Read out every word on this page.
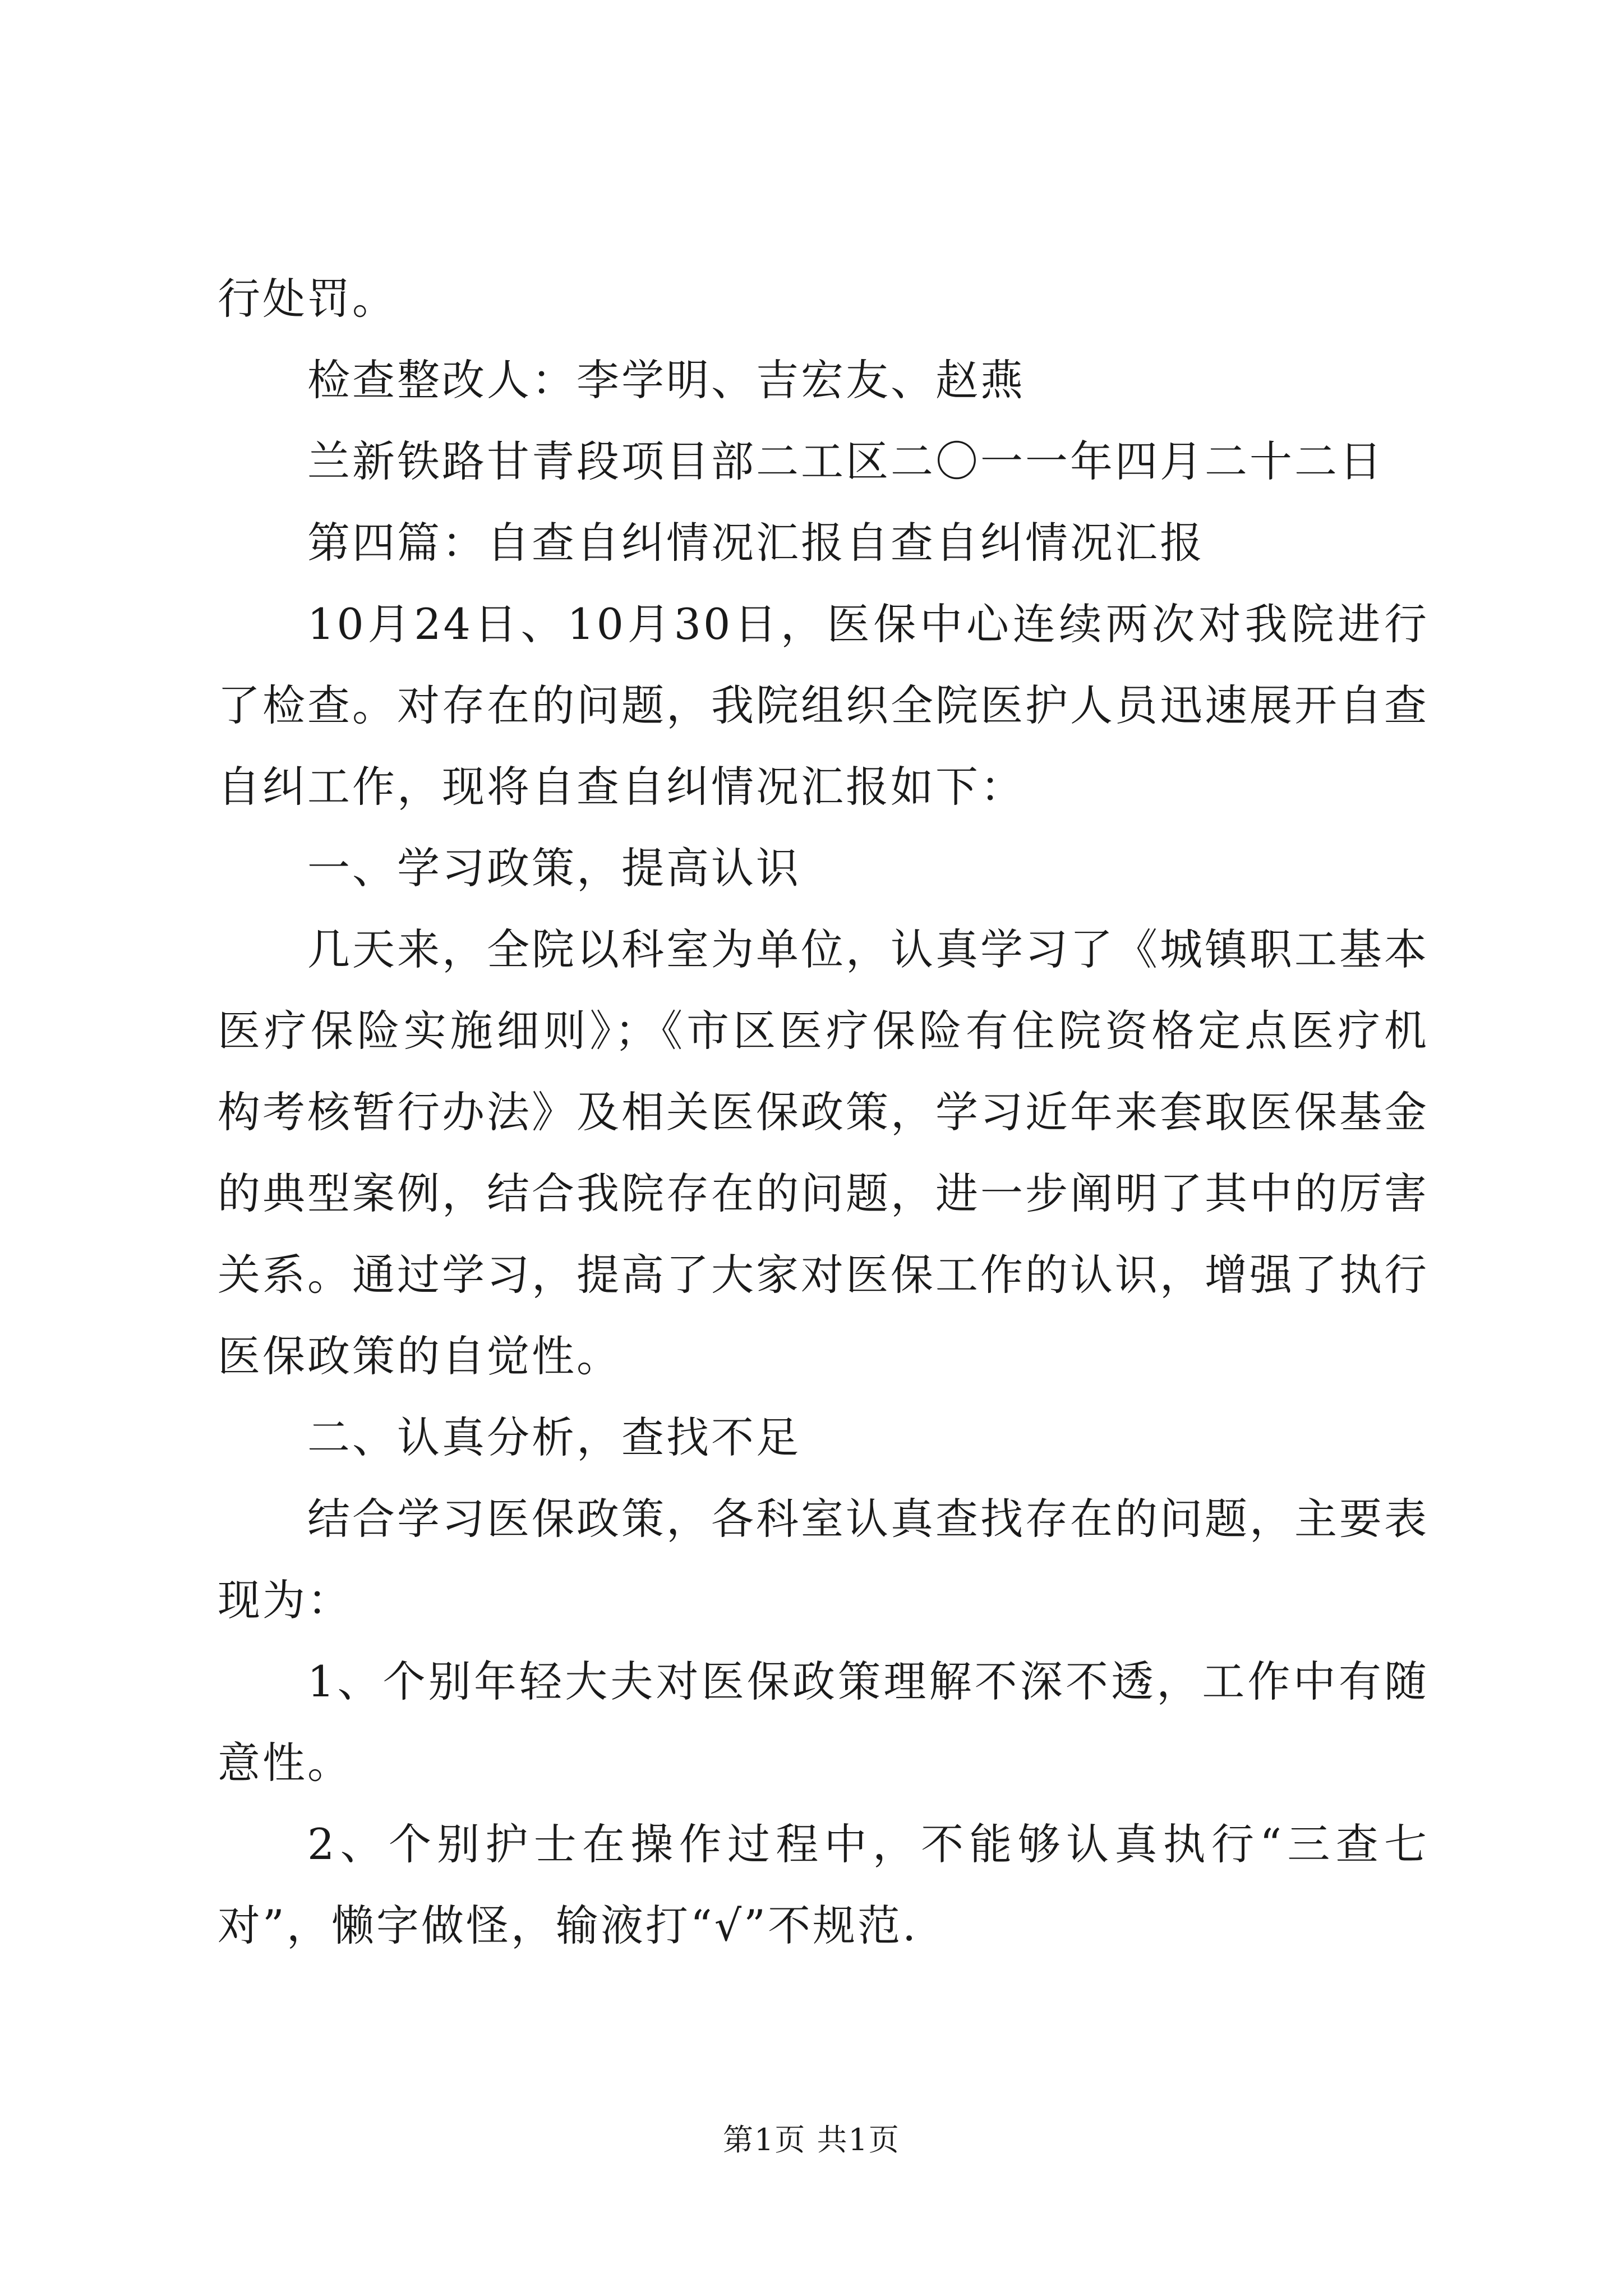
行处罚。

检查整改人：李学明、吉宏友、赵燕

兰新铁路甘青段项目部二工区二〇一一年四月二十二日

第四篇：自查自纠情况汇报自查自纠情况汇报

10月24日、10月30日，医保中心连续两次对我院进行了检查。对存在的问题，我院组织全院医护人员迅速展开自查自纠工作，现将自查自纠情况汇报如下：

一、学习政策，提高认识

几天来，全院以科室为单位，认真学习了《城镇职工基本医疗保险实施细则》；《市区医疗保险有住院资格定点医疗机构考核暂行办法》及相关医保政策，学习近年来套取医保基金的典型案例，结合我院存在的问题，进一步阐明了其中的厉害关系。通过学习，提高了大家对医保工作的认识，增强了执行医保政策的自觉性。

二、认真分析，查找不足

结合学习医保政策，各科室认真查找存在的问题，主要表现为：

1、个别年轻大夫对医保政策理解不深不透，工作中有随意性。

2、个别护士在操作过程中，不能够认真执行“三查七对”，懒字做怪，输液打“√”不规范.

第1页 共1页
